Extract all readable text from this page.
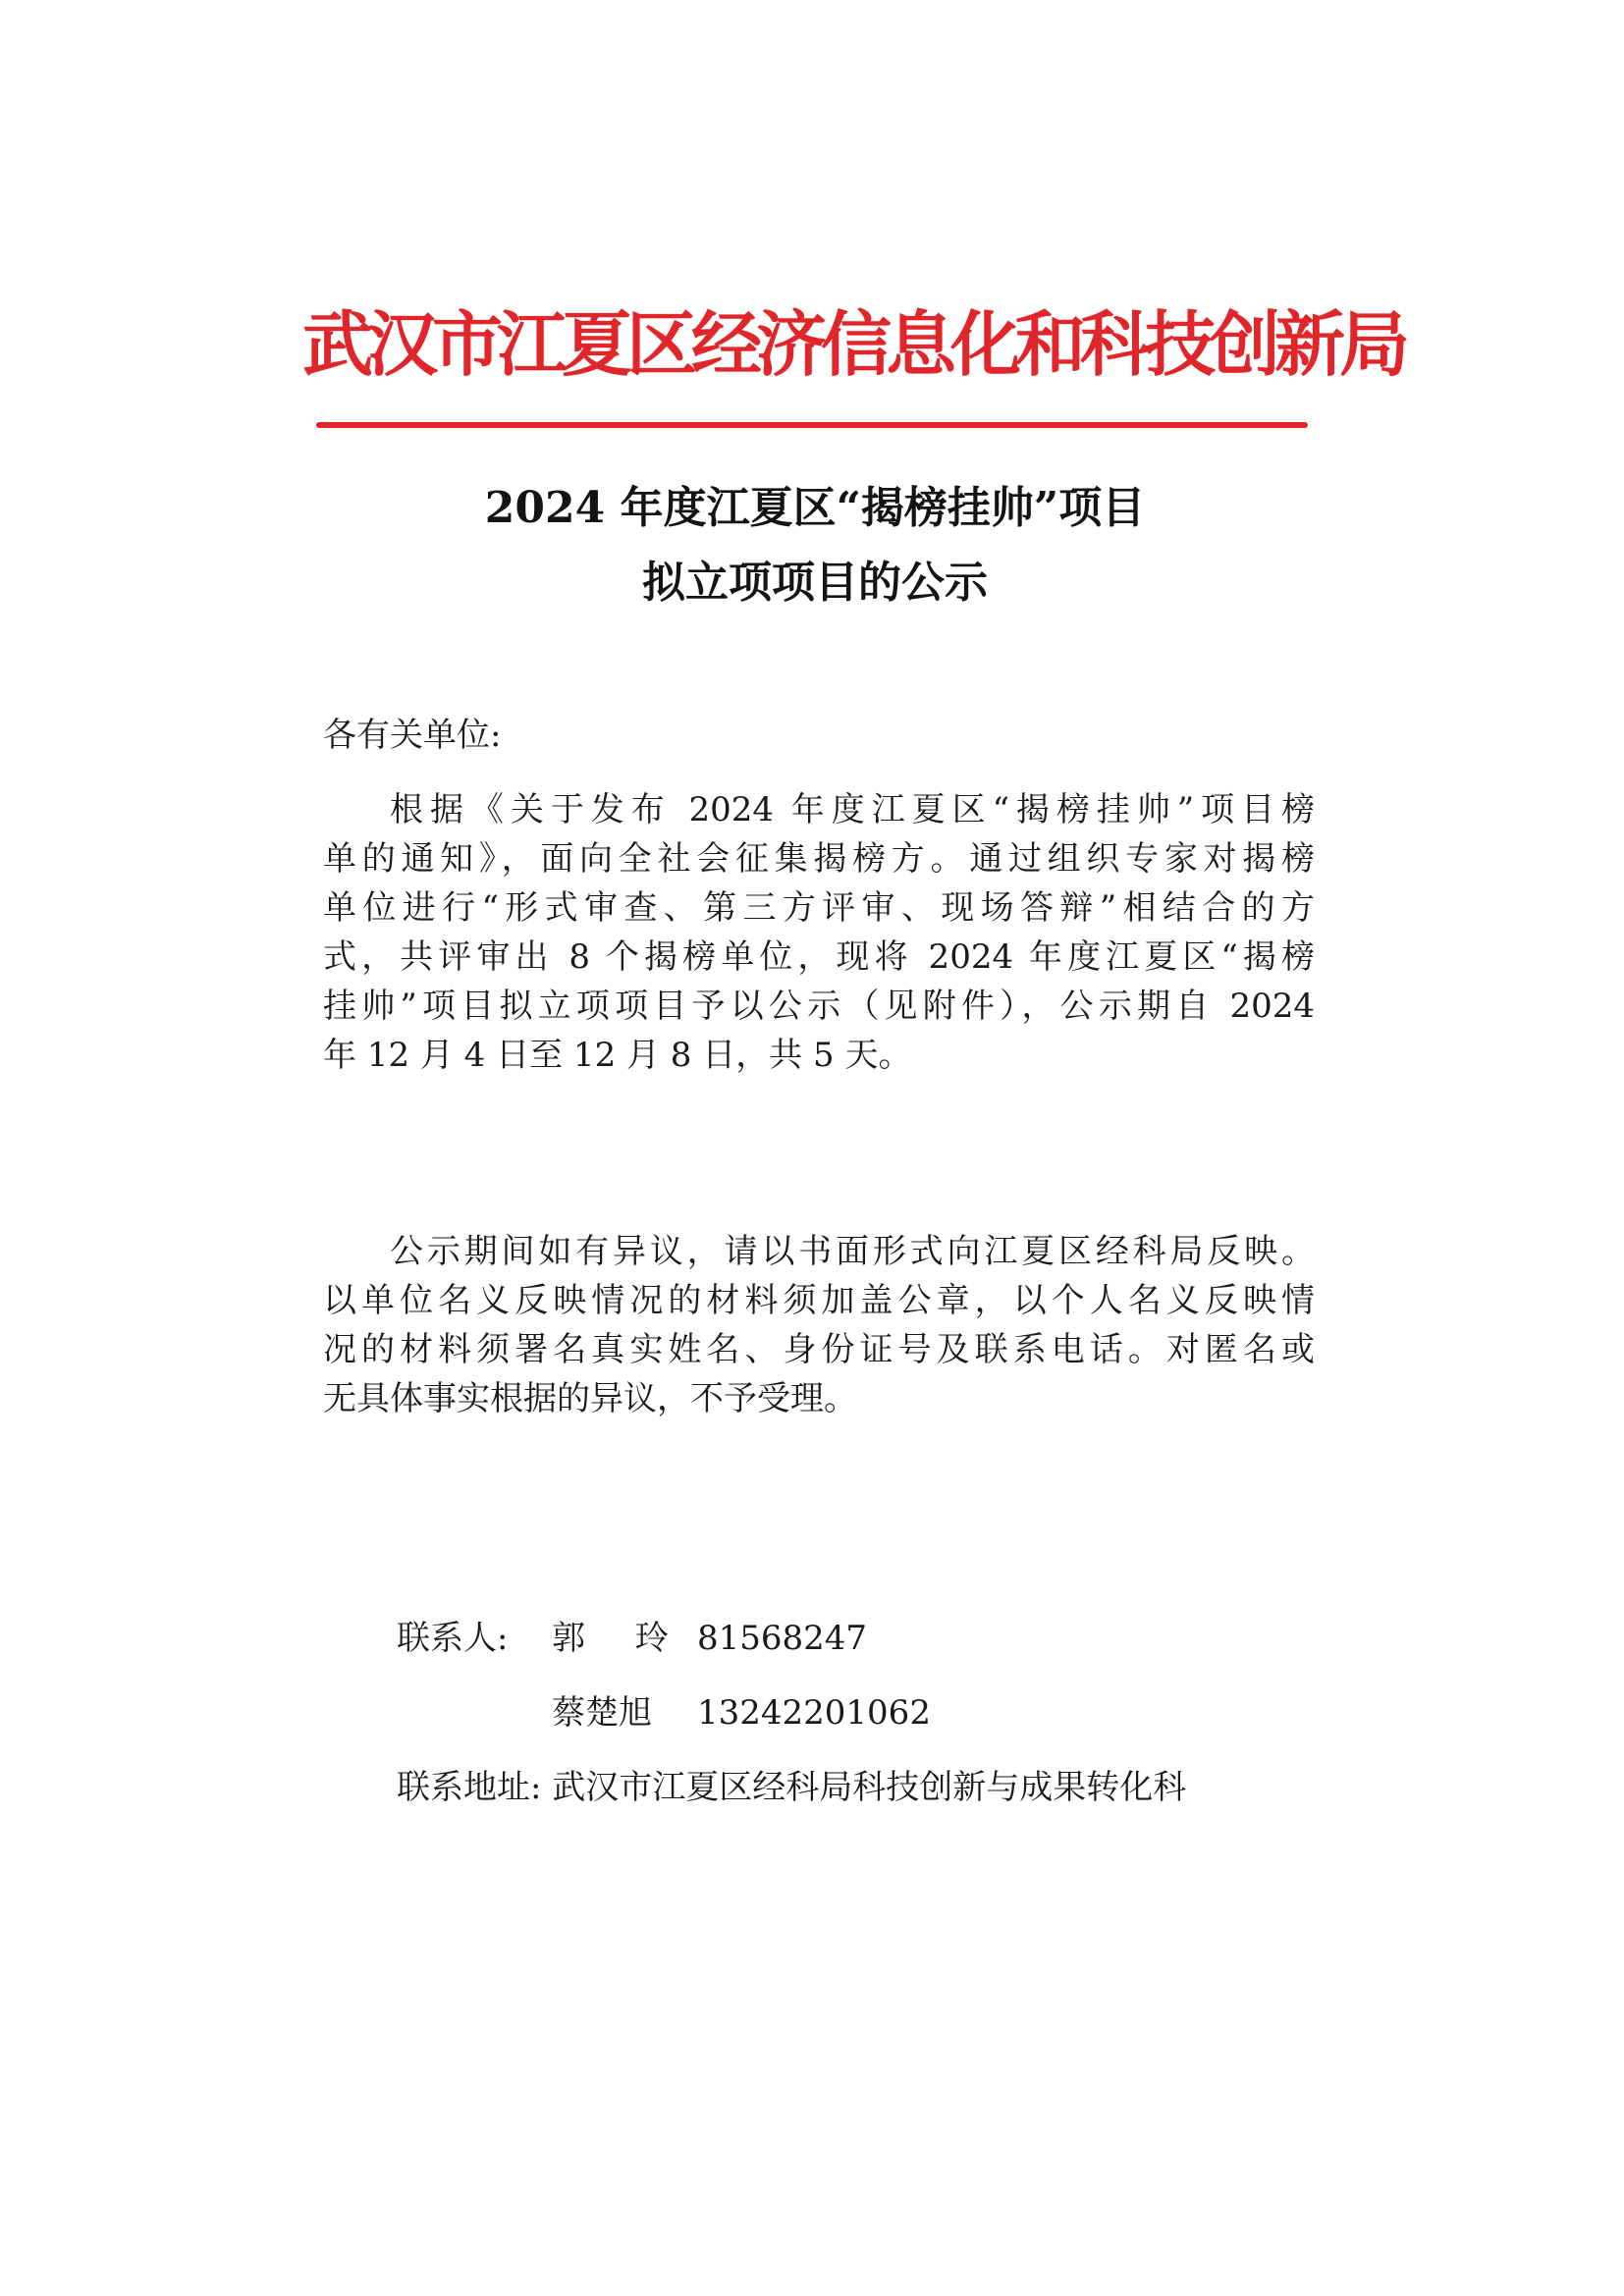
武汉市江夏区经济信息化和科技创新局
2024 年度江夏区“揭榜挂帅”项目
拟立项项目的公示
各有关单位:
根据《关于发布 2024 年度江夏区“揭榜挂帅”项目榜
单的通知》，面向全社会征集揭榜方。通过组织专家对揭榜
单位进行“形式审查、第三方评审、现场答辩”相结合的方
式，共评审出 8 个揭榜单位，现将 2024 年度江夏区“揭榜
挂帅”项目拟立项项目予以公示（见附件），公示期自 2024
年 12 月 4 日至 12 月 8 日，共 5 天。
公示期间如有异议，请以书面形式向江夏区经科局反映。
以单位名义反映情况的材料须加盖公章，以个人名义反映情
况的材料须署名真实姓名、身份证号及联系电话。对匿名或
无具体事实根据的异议，不予受理。
联系人: 郭 玲 81568247
蔡楚旭 13242201062
联系地址: 武汉市江夏区经科局科技创新与成果转化科
